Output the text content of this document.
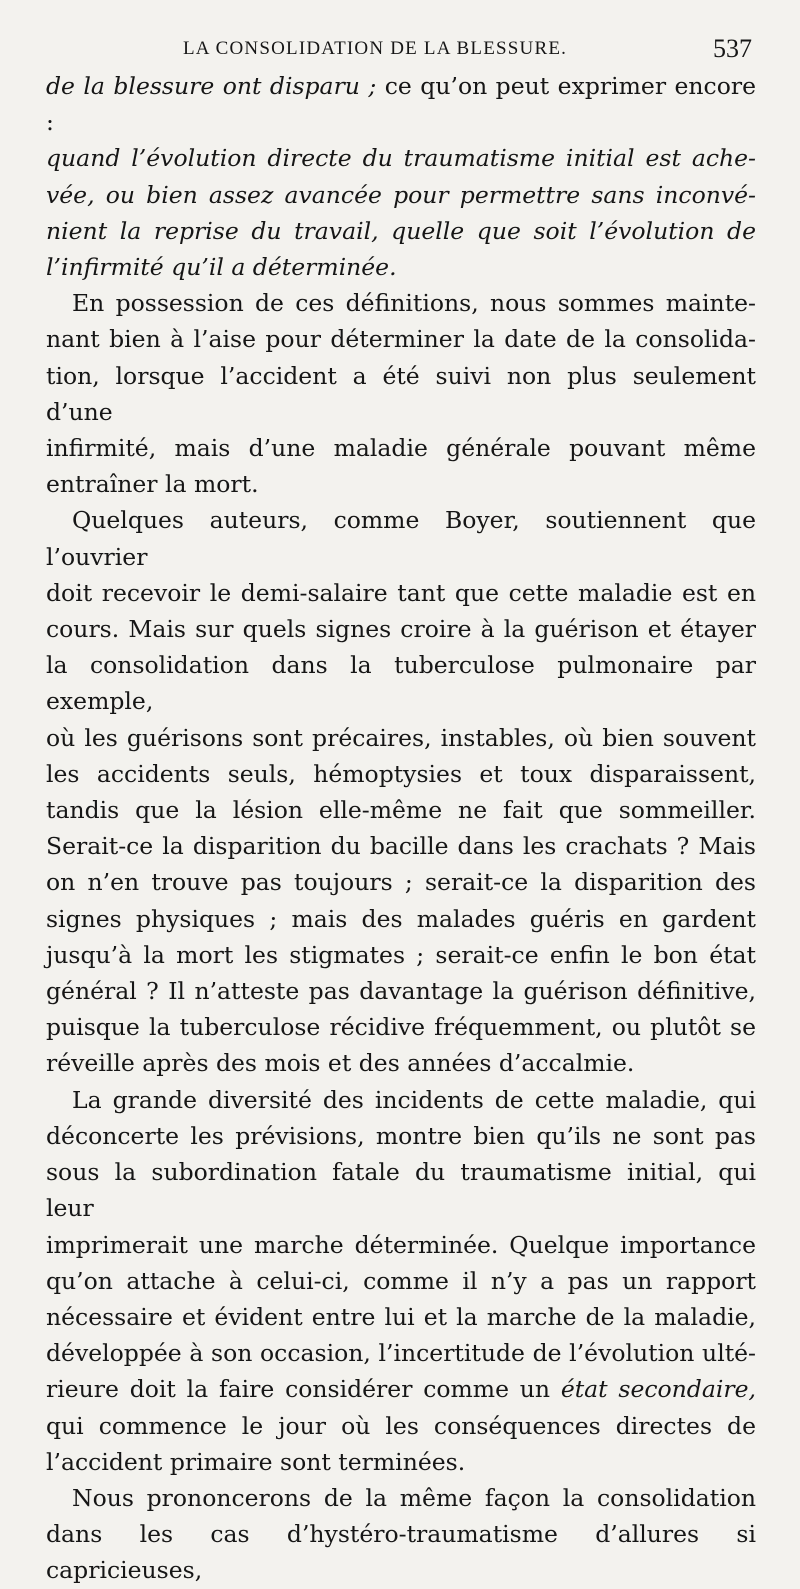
LA CONSOLIDATION DE LA BLESSURE.	537

de la blessure ont disparu ; ce qu’on peut exprimer encore :

quand l’évolution directe du traumatisme initial est ache-

vée, ou bien assez avancée pour permettre sans inconvé-

nient la reprise du travail, quelle que soit l’évolution de

l’infirmité qu’il a déterminée.

En possession de ces définitions, nous sommes mainte-

nant bien à l’aise pour déterminer la date de la consolida-

tion, lorsque l’accident a été suivi non plus seulement d’une

infirmité, mais d’une maladie générale pouvant même

entraîner la mort.

Quelques auteurs, comme Boyer, soutiennent que l’ouvrier

doit recevoir le demi-salaire tant que cette maladie est en

cours. Mais sur quels signes croire à la guérison et étayer

la consolidation dans la tuberculose pulmonaire par exemple,

où les guérisons sont précaires, instables, où bien souvent

les accidents seuls, hémoptysies et toux disparaissent,

tandis que la lésion elle-même ne fait que sommeiller.

Serait-ce la disparition du bacille dans les crachats ? Mais

on n’en trouve pas toujours ; serait-ce la disparition des

signes physiques ; mais des malades guéris en gardent

jusqu’à la mort les stigmates ; serait-ce enfin le bon état

général ? Il n’atteste pas davantage la guérison définitive,

puisque la tuberculose récidive fréquemment, ou plutôt se

réveille après des mois et des années d’accalmie.

La grande diversité des incidents de cette maladie, qui

déconcerte les prévisions, montre bien qu’ils ne sont pas

sous la subordination fatale du traumatisme initial, qui leur

imprimerait une marche déterminée. Quelque importance

qu’on attache à celui-ci, comme il n’y a pas un rapport

nécessaire et évident entre lui et la marche de la maladie,

développée à son occasion, l’incertitude de l’évolution ulté-

rieure doit la faire considérer comme un état secondaire,

qui commence le jour où les conséquences directes de

l’accident primaire sont terminées.

Nous prononcerons de la même façon la consolidation

dans les cas d’hystéro-traumatisme d’allures si capricieuses,
